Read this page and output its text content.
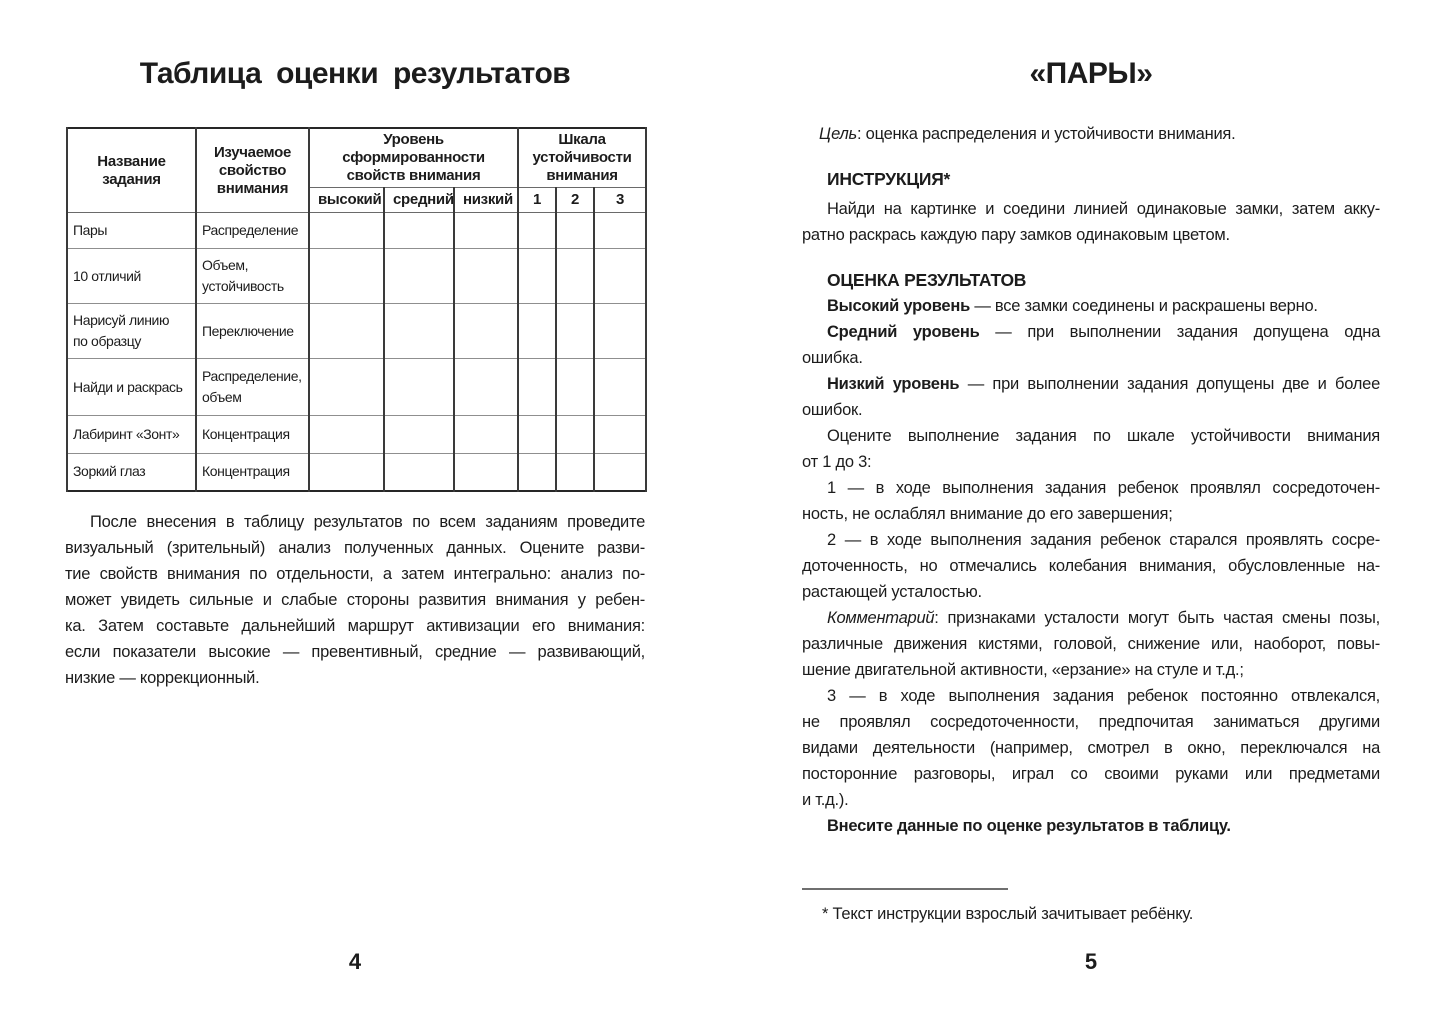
Таблица оценки результатов
Название задания	Изучаемое свойство внимания	Уровень сформированности свойств внимания			Шкала устойчивости внимания		
		высокий	средний	низкий	1	2	3

Пары	Распределение						

10 отличий	Объем,
устойчивость						

Нарисуй линию
по образцу	Переключение						

Найди и раскрась	Распределение,
объем						

Лабиринт «Зонт»	Концентрация						

Зоркий глаз	Концентрация						

После внесения в таблицу результатов по всем заданиям проведите
визуальный (зрительный) анализ полученных данных. Оцените разви-
тие свойств внимания по отдельности, а затем интегрально: анализ по-
может увидеть сильные и слабые стороны развития внимания у ребен-
ка. Затем составьте дальнейший маршрут активизации его внимания:
если показатели высокие — превентивный, средние — развивающий,
низкие — коррекционный.
4
«ПАРЫ»
Цель: оценка распределения и устойчивости внимания.
ИНСТРУКЦИЯ*
Найди на картинке и соедини линией одинаковые замки, затем акку-
ратно раскрась каждую пару замков одинаковым цветом.
ОЦЕНКА РЕЗУЛЬТАТОВ
Высокий уровень — все замки соединены и раскрашены верно.
Средний уровень — при выполнении задания допущена одна
ошибка.
Низкий уровень — при выполнении задания допущены две и более
ошибок.
Оцените выполнение задания по шкале устойчивости внимания
от 1 до 3:
1 — в ходе выполнения задания ребенок проявлял сосредоточен-
ность, не ослаблял внимание до его завершения;
2 — в ходе выполнения задания ребенок старался проявлять сосре-
доточенность, но отмечались колебания внимания, обусловленные на-
растающей усталостью.
Комментарий: признаками усталости могут быть частая смены позы,
различные движения кистями, головой, снижение или, наоборот, повы-
шение двигательной активности, «ерзание» на стуле и т.д.;
3 — в ходе выполнения задания ребенок постоянно отвлекался,
не проявлял сосредоточенности, предпочитая заниматься другими
видами деятельности (например, смотрел в окно, переключался на
посторонние разговоры, играл со своими руками или предметами
и т.д.).
Внесите данные по оценке результатов в таблицу.
* Текст инструкции взрослый зачитывает ребёнку.
5
